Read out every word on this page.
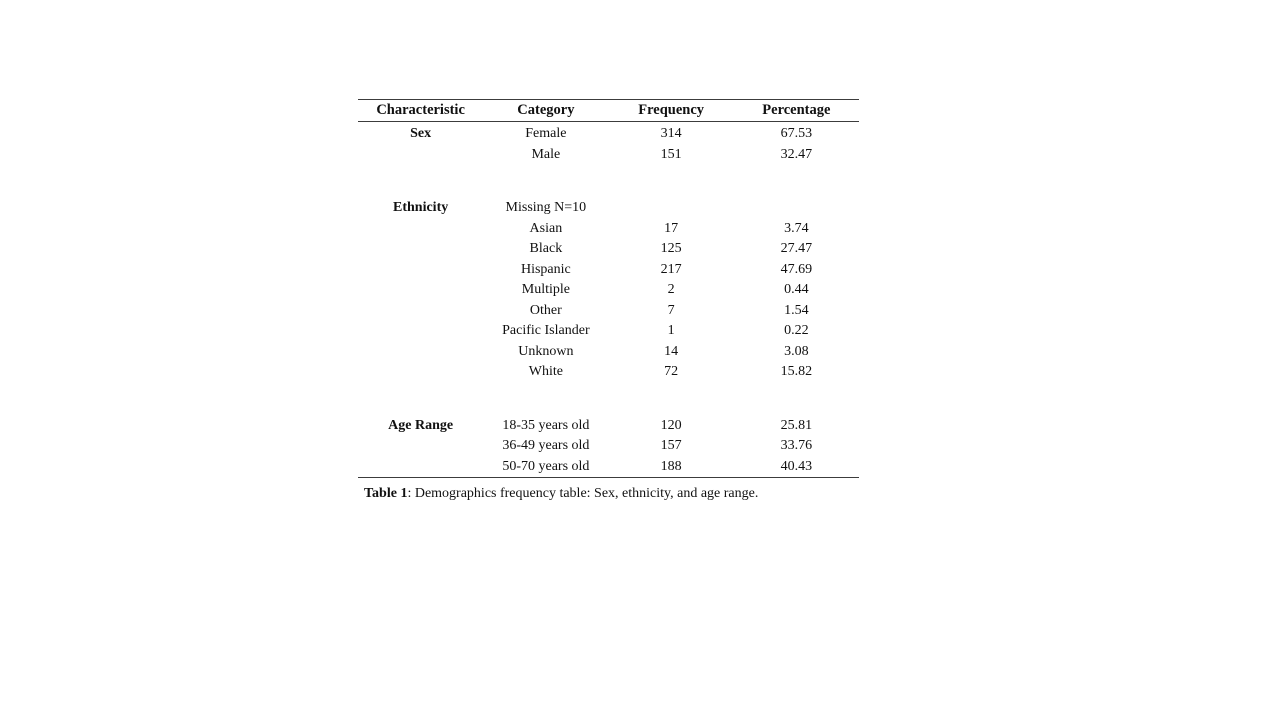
Characteristic	Category	Frequency	Percentage
Sex	Female	314	67.53
	Male	151	32.47

Ethnicity	Missing N=10		
	Asian	17	3.74
	Black	125	27.47
	Hispanic	217	47.69
	Multiple	2	0.44
	Other	7	1.54
	Pacific Islander	1	0.22
	Unknown	14	3.08
	White	72	15.82

Age Range	18-35 years old	120	25.81
	36-49 years old	157	33.76
	50-70 years old	188	40.43

Table 1: Demographics frequency table: Sex, ethnicity, and age range.
